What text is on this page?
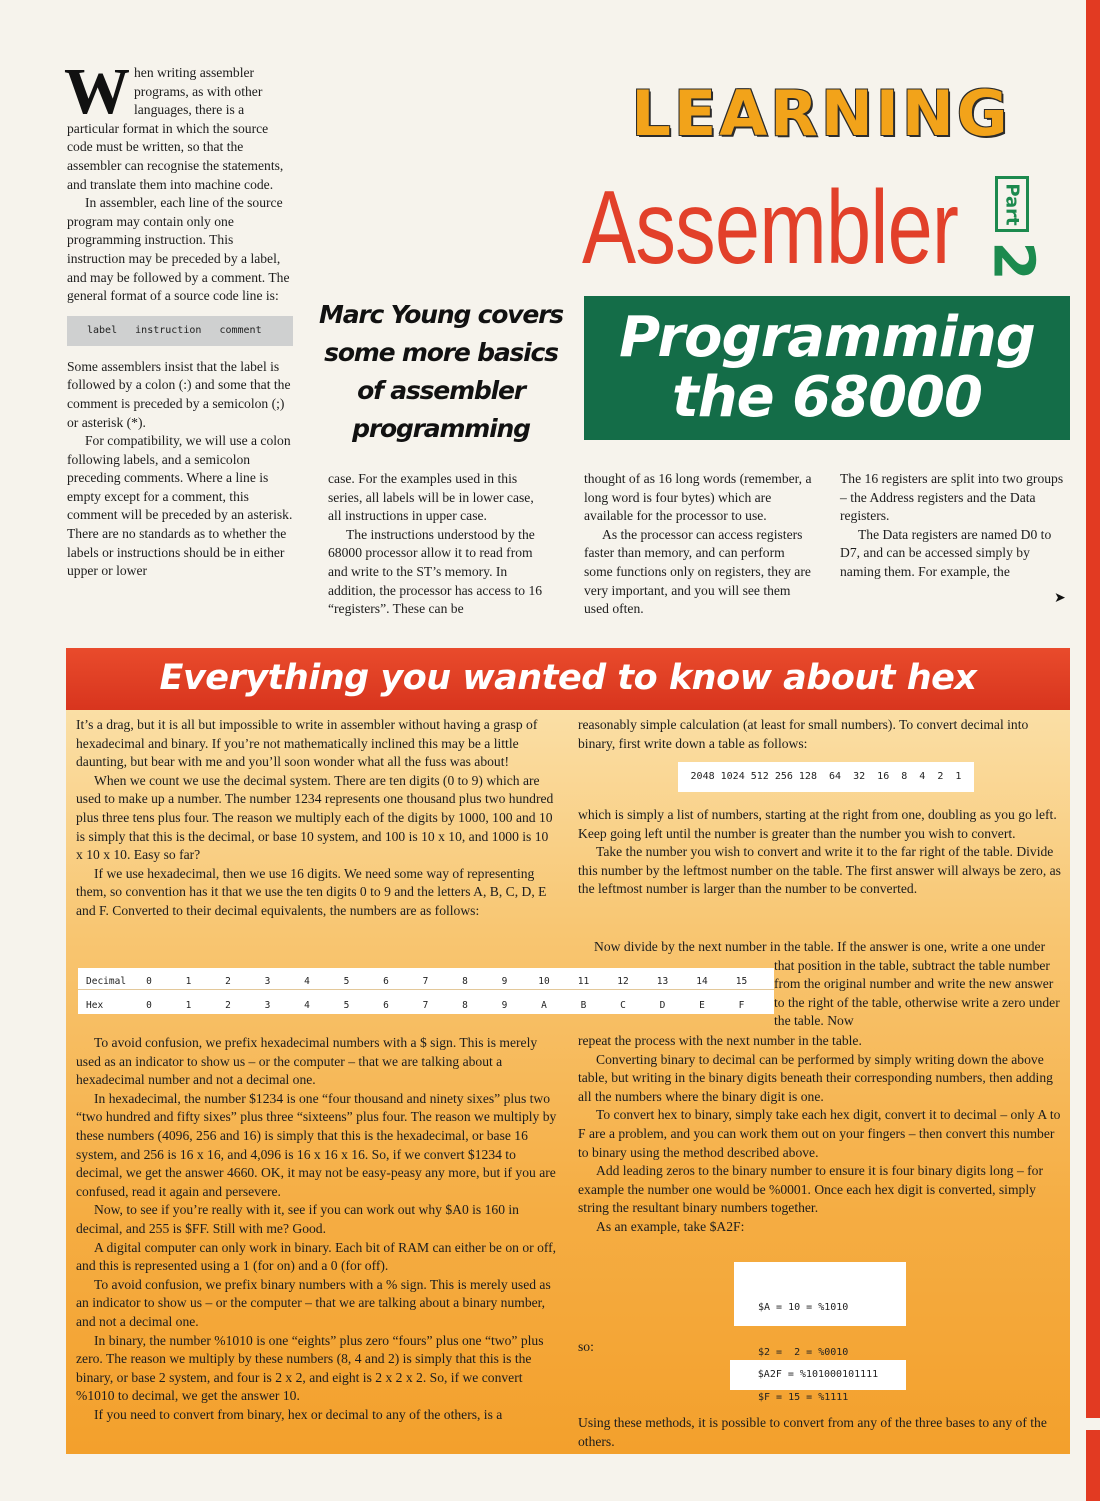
W hen writing assembler programs, as with other languages, there is a particular format in which the source code must be written, so that the assembler can recognise the statements, and translate them into machine code.

In assembler, each line of the source program may contain only one programming instruction. This instruction may be preceded by a label, and may be followed by a comment. The general format of a source code line is:

label   instruction   comment

Some assemblers insist that the label is followed by a colon (:) and some that the comment is preceded by a semicolon (;) or asterisk (*).

For compatibility, we will use a colon following labels, and a semicolon preceding comments. Where a line is empty except for a comment, this comment will be preceded by an asterisk. There are no standards as to whether the labels or instructions should be in either upper or lower

Marc Young covers
some more basics
of assembler
programming
LEARNING
Assembler	Part
2
Programming
the 68000

case. For the examples used in this series, all labels will be in lower case, all instructions in upper case.

The instructions understood by the 68000 processor allow it to read from and write to the ST’s memory. In addition, the processor has access to 16 “registers”. These can be

thought of as 16 long words (remember, a long word is four bytes) which are available for the processor to use.

As the processor can access registers faster than memory, and can perform some functions only on registers, they are very important, and you will see them used often.

The 16 registers are split into two groups – the Address registers and the Data registers.

The Data registers are named D0 to D7, and can be accessed simply by naming them. For example, the

➤
Everything you wanted to know about hex

It’s a drag, but it is all but impossible to write in assembler without having a grasp of hexadecimal and binary. If you’re not mathematically inclined this may be a little daunting, but bear with me and you’ll soon wonder what all the fuss was about!

When we count we use the decimal system. There are ten digits (0 to 9) which are used to make up a number. The number 1234 represents one thousand plus two hundred plus three tens plus four. The reason we multiply each of the digits by 1000, 100 and 10 is simply that this is the decimal, or base 10 system, and 100 is 10 x 10, and 1000 is 10 x 10 x 10. Easy so far?

If we use hexadecimal, then we use 16 digits. We need some way of representing them, so convention has it that we use the ten digits 0 to 9 and the letters A, B, C, D, E and F. Converted to their decimal equivalents, the numbers are as follows:

Decimal	0	1	2	3	4	5	6	7	8	9	10	11	12	13	14	15
Hex	0	1	2	3	4	5	6	7	8	9	A	B	C	D	E	F

To avoid confusion, we prefix hexadecimal numbers with a $ sign. This is merely used as an indicator to show us – or the computer – that we are talking about a hexadecimal number and not a decimal one.

In hexadecimal, the number $1234 is one “four thousand and ninety sixes” plus two “two hundred and fifty sixes” plus three “sixteens” plus four. The reason we multiply by these numbers (4096, 256 and 16) is simply that this is the hexadecimal, or base 16 system, and 256 is 16 x 16, and 4,096 is 16 x 16 x 16. So, if we convert $1234 to decimal, we get the answer 4660. OK, it may not be easy-peasy any more, but if you are confused, read it again and persevere.

Now, to see if you’re really with it, see if you can work out why $A0 is 160 in decimal, and 255 is $FF. Still with me? Good.

A digital computer can only work in binary. Each bit of RAM can either be on or off, and this is represented using a 1 (for on) and a 0 (for off).

To avoid confusion, we prefix binary numbers with a % sign. This is merely used as an indicator to show us – or the computer – that we are talking about a binary number, and not a decimal one.

In binary, the number %1010 is one “eights” plus zero “fours” plus one “two” plus zero. The reason we multiply by these numbers (8, 4 and 2) is simply that this is the binary, or base 2 system, and four is 2 x 2, and eight is 2 x 2 x 2. So, if we convert %1010 to decimal, we get the answer 10.

If you need to convert from binary, hex or decimal to any of the others, is a

reasonably simple calculation (at least for small numbers). To convert decimal into binary, first write down a table as follows:

2048 1024 512 256 128  64  32  16  8  4  2  1

which is simply a list of numbers, starting at the right from one, doubling as you go left. Keep going left until the number is greater than the number you wish to convert.

Take the number you wish to convert and write it to the far right of the table. Divide this number by the leftmost number on the table. The first answer will always be zero, as the leftmost number is larger than the number to be converted.

Now divide by the next number in the table. If the answer is one, write a one under that position in the table, subtract the table number from the original number and write the new answer to the right of the table, otherwise write a zero under the table. Now

repeat the process with the next number in the table.

Converting binary to decimal can be performed by simply writing down the above table, but writing in the binary digits beneath their corresponding numbers, then adding all the numbers where the binary digit is one.

To convert hex to binary, simply take each hex digit, convert it to decimal – only A to F are a problem, and you can work them out on your fingers – then convert this number to binary using the method described above.

Add leading zeros to the binary number to ensure it is four binary digits long – for example the number one would be %0001. Once each hex digit is converted, simply string the resultant binary numbers together.

As an example, take $A2F:

$A = 10 = %1010

$2 =  2 = %0010

$F = 15 = %1111

so:
$A2F = %101000101111
Using these methods, it is possible to convert from any of the three bases to any of the others.
